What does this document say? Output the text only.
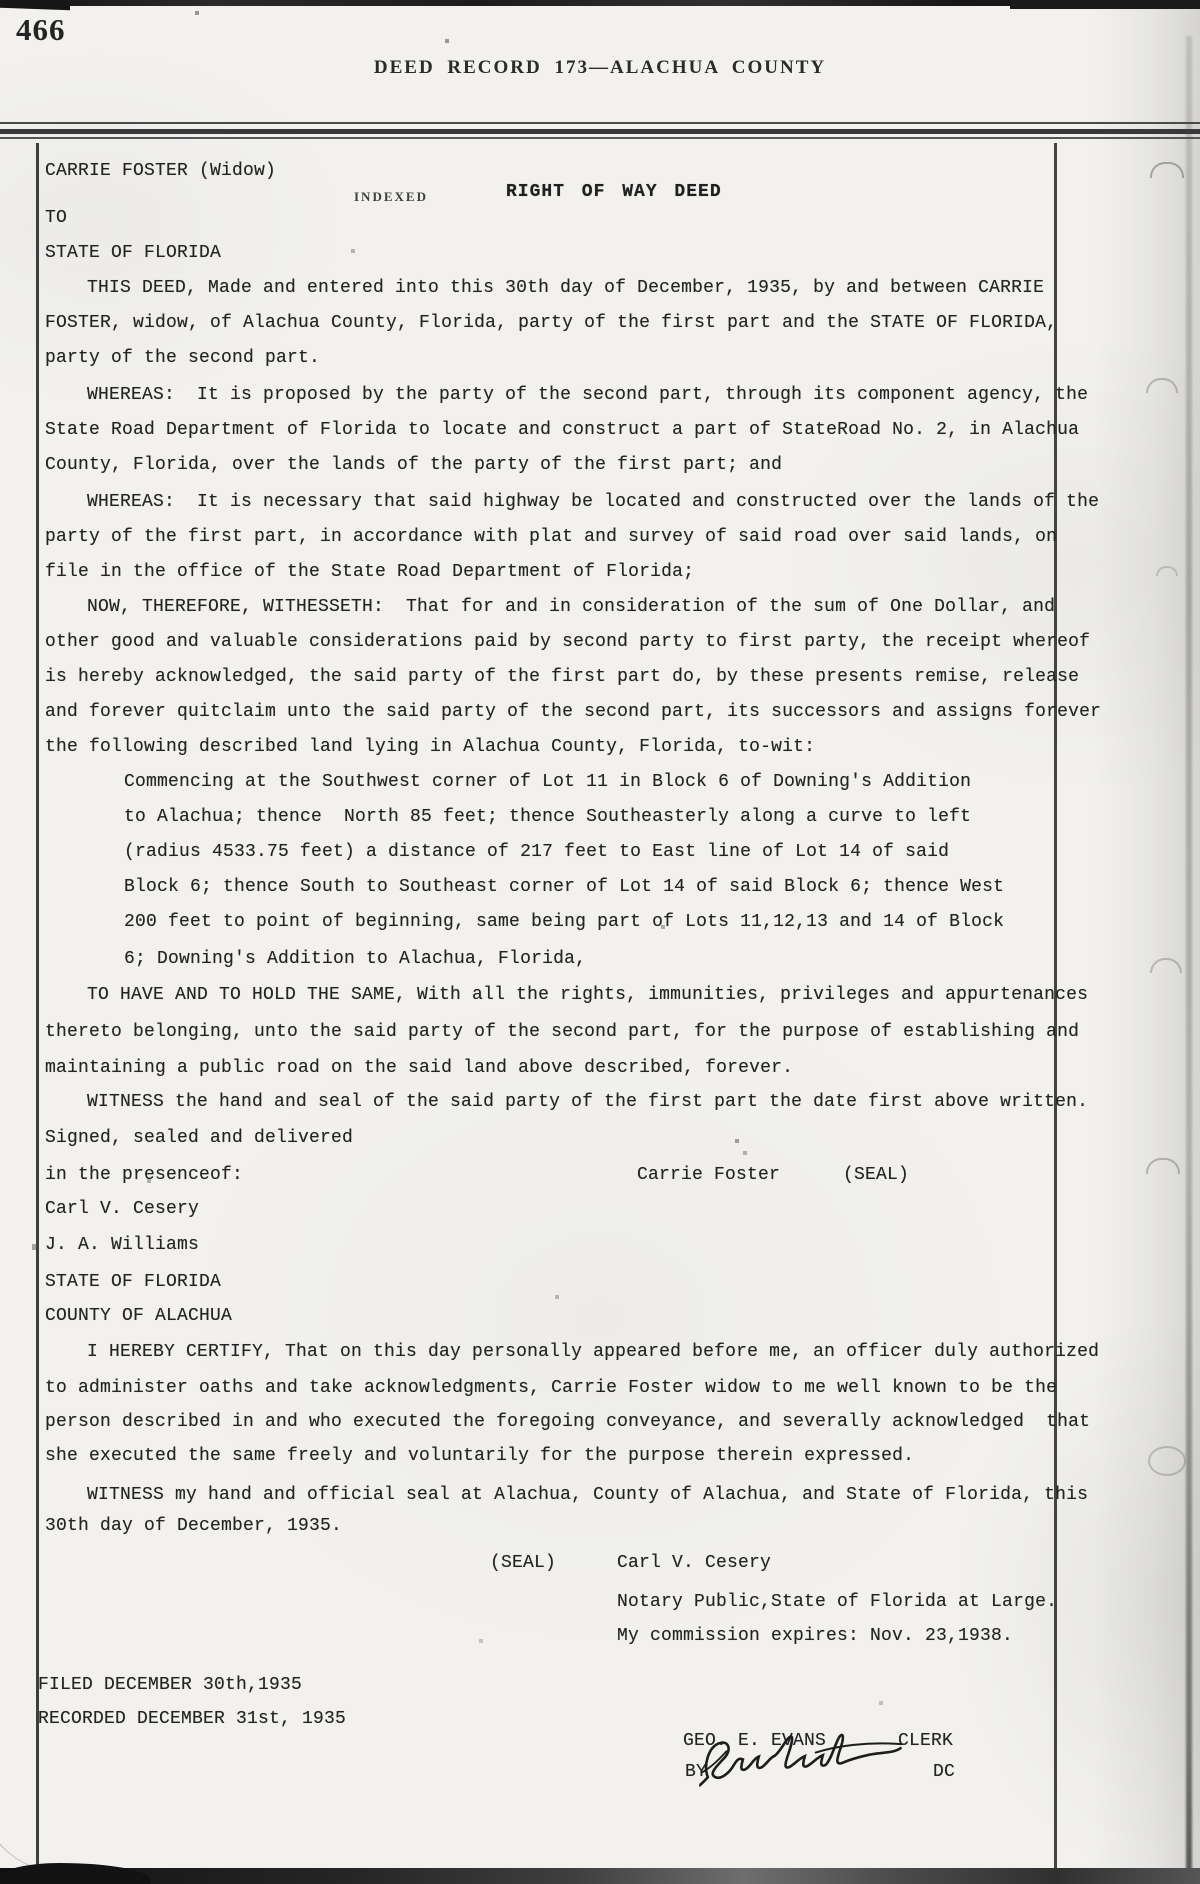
466
DEED RECORD 173—ALACHUA COUNTY
CARRIE FOSTER (Widow)
INDEXED	RIGHT OF WAY DEED
TO
STATE OF FLORIDA
THIS DEED, Made and entered into this 30th day of December, 1935, by and between CARRIE
FOSTER, widow, of Alachua County, Florida, party of the first part and the STATE OF FLORIDA,
party of the second part.
WHEREAS:  It is proposed by the party of the second part, through its component agency, the
State Road Department of Florida to locate and construct a part of StateRoad No. 2, in Alachua
County, Florida, over the lands of the party of the first part; and
WHEREAS:  It is necessary that said highway be located and constructed over the lands of the
party of the first part, in accordance with plat and survey of said road over said lands, on
file in the office of the State Road Department of Florida;
NOW, THEREFORE, WITHESSETH:  That for and in consideration of the sum of One Dollar, and
other good and valuable considerations paid by second party to first party, the receipt whereof
is hereby acknowledged, the said party of the first part do, by these presents remise, release
and forever quitclaim unto the said party of the second part, its successors and assigns forever
the following described land lying in Alachua County, Florida, to-wit:
Commencing at the Southwest corner of Lot 11 in Block 6 of Downing's Addition
to Alachua; thence  North 85 feet; thence Southeasterly along a curve to left
(radius 4533.75 feet) a distance of 217 feet to East line of Lot 14 of said
Block 6; thence South to Southeast corner of Lot 14 of said Block 6; thence West
200 feet to point of beginning, same being part of Lots 11,12,13 and 14 of Block
6; Downing's Addition to Alachua, Florida,
TO HAVE AND TO HOLD THE SAME, With all the rights, immunities, privileges and appurtenances
thereto belonging, unto the said party of the second part, for the purpose of establishing and
maintaining a public road on the said land above described, forever.
WITNESS the hand and seal of the said party of the first part the date first above written.
Signed, sealed and delivered
in the presenceof:	Carrie Foster	(SEAL)
Carl V. Cesery
J. A. Williams
STATE OF FLORIDA
COUNTY OF ALACHUA
I HEREBY CERTIFY, That on this day personally appeared before me, an officer duly authorized
to administer oaths and take acknowledgments, Carrie Foster widow to me well known to be the
person described in and who executed the foregoing conveyance, and severally acknowledged  that
she executed the same freely and voluntarily for the purpose therein expressed.
WITNESS my hand and official seal at Alachua, County of Alachua, and State of Florida, this
30th day of December, 1935.
(SEAL)	Carl V. Cesery
Notary Public,State of Florida at Large.
My commission expires: Nov. 23,1938.
FILED DECEMBER 30th,1935
RECORDED DECEMBER 31st, 1935
GEO. E. EVANS	CLERK
BY	DC
